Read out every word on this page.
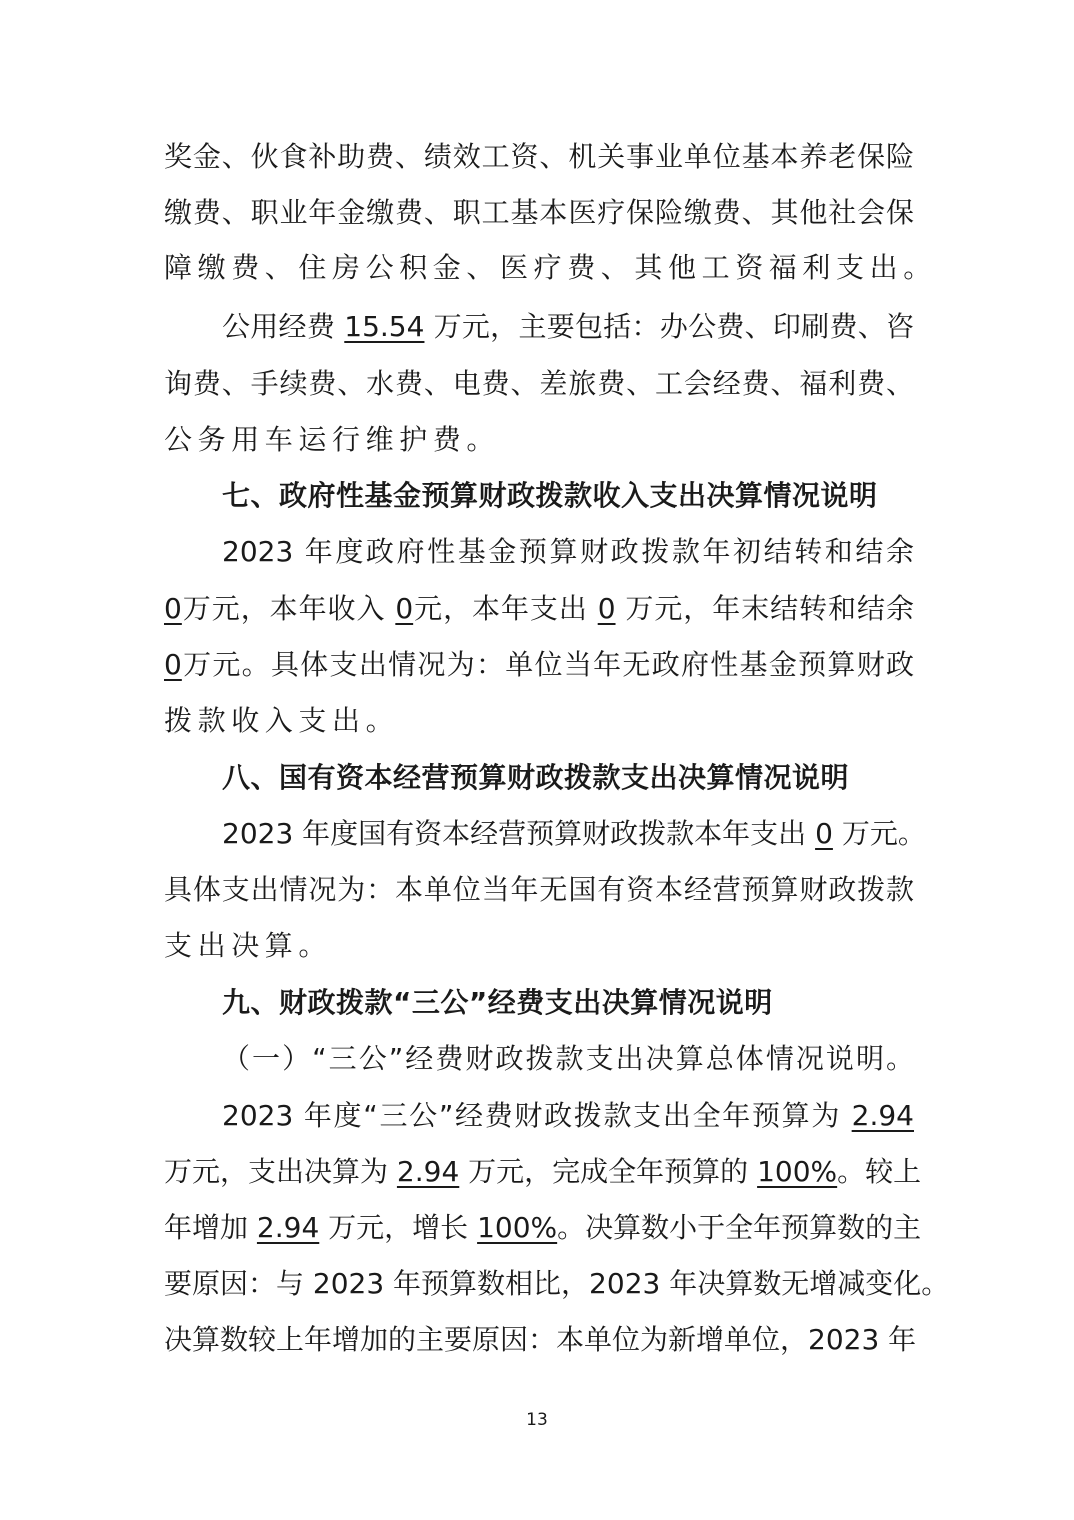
奖金、伙食补助费、绩效工资、机关事业单位基本养老保险
缴费、职业年金缴费、职工基本医疗保险缴费、其他社会保
障缴费、住房公积金、医疗费、其他工资福利支出。
公用经费 15.54 万元，主要包括：办公费、印刷费、咨
询费、手续费、水费、电费、差旅费、工会经费、福利费、
公务用车运行维护费。
七、政府性基金预算财政拨款收入支出决算情况说明
2023 年度政府性基金预算财政拨款年初结转和结余
0万元，本年收入 0元，本年支出 0 万元，年末结转和结余
0万元。具体支出情况为：单位当年无政府性基金预算财政
拨款收入支出。
八、国有资本经营预算财政拨款支出决算情况说明
2023 年度国有资本经营预算财政拨款本年支出 0 万元。
具体支出情况为：本单位当年无国有资本经营预算财政拨款
支出决算。
九、财政拨款“三公”经费支出决算情况说明
（一）“三公”经费财政拨款支出决算总体情况说明。
2023 年度“三公”经费财政拨款支出全年预算为 2.94
万元，支出决算为 2.94 万元，完成全年预算的 100%。较上
年增加 2.94 万元，增长 100%。决算数小于全年预算数的主
要原因：与 2023 年预算数相比，2023 年决算数无增减变化。
决算数较上年增加的主要原因：本单位为新增单位，2023 年
13
